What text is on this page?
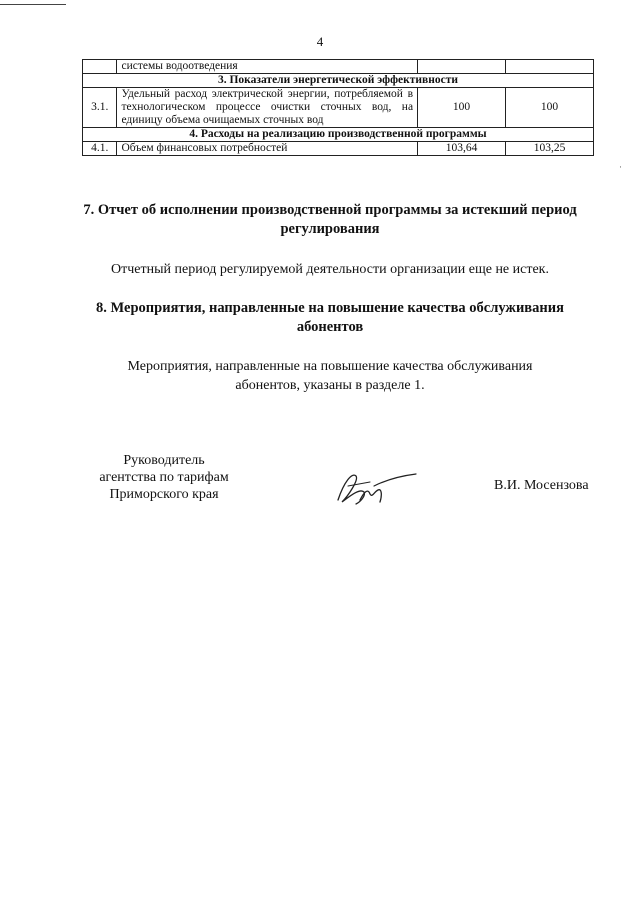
4
	системы водоотведения		
3. Показатели энергетической эффективности			
3.1.	Удельный расход электрической энергии, потребляемой в технологическом процессе очистки сточных вод, на единицу объема очищаемых сточных вод	100	100
4. Расходы на реализацию производственной программы			
4.1.	Объем финансовых потребностей	103,64	103,25
7. Отчет об исполнении производственной программы за истекший период
регулирования
Отчетный период регулируемой деятельности организации еще не истек.
8. Мероприятия, направленные на повышение качества обслуживания
абонентов
Мероприятия, направленные на повышение качества обслуживания
абонентов, указаны в разделе 1.
Руководитель
агентства по тарифам
Приморского края
В.И. Мосензова
·
